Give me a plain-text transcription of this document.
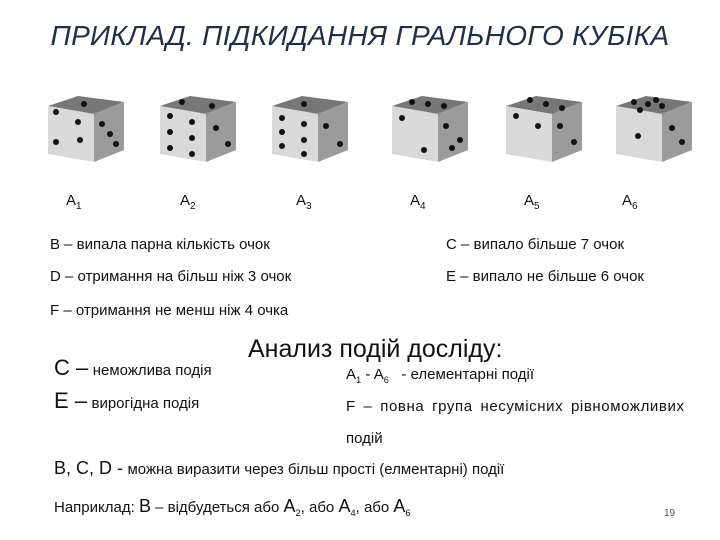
ПРИКЛАД. ПІДКИДАННЯ ГРАЛЬНОГО КУБІКА
$A_1$	$A_2$	$A_3$	$A_4$	$A_5$	$A_6$
B – випала парна кількість очок	C – випало більше 7 очок
D – отримання на більш ніж 3 очок	E – випало не більше 6 очок
F – отримання не менш ніж 4 очка
Анализ подій досліду:
C – неможлива подія
E – вирогідна подія
$A_1 - A_6$ - елементарні події
F – повна група несумісних рівноможливих
подій
B, C, D - можна виразити через більш прості (елментарні) події
Наприклад: B – відбудеться або $A_2$, або $A_4$, або $A_6$	19
